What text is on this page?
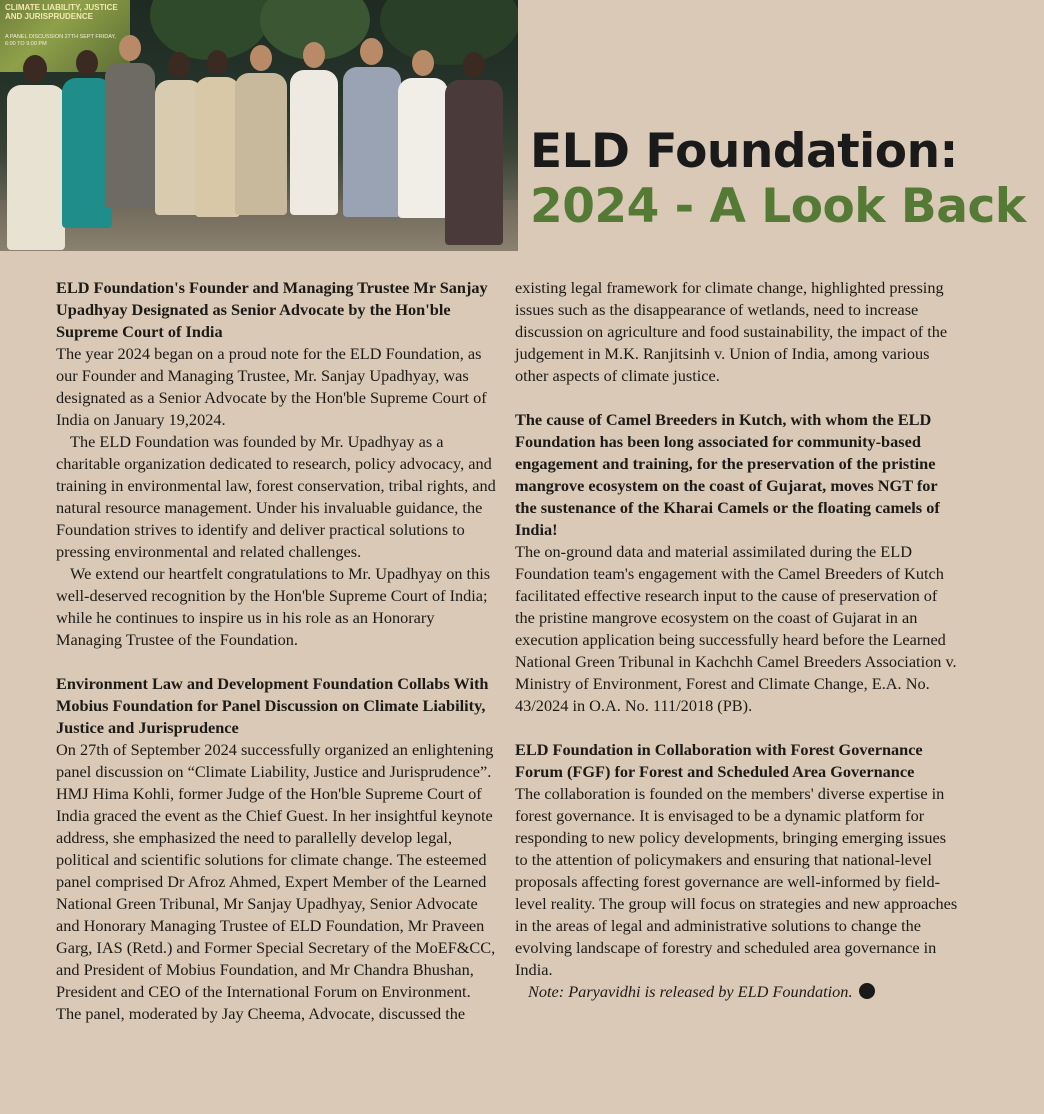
CLIMATE LIABILITY, JUSTICE AND JURISPRUDENCE
A PANEL DISCUSSION 27TH SEPT FRIDAY, 6:00 TO 9:00 PM
ELD Foundation:
2024 - A Look Back

ELD Foundation's Founder and Managing Trustee Mr Sanjay Upadhyay Designated as Senior Advocate by the Hon'ble Supreme Court of India

The year 2024 began on a proud note for the ELD Foundation, as our Founder and Managing Trustee, Mr. Sanjay Upadhyay, was designated as a Senior Advocate by the Hon'ble Supreme Court of India on January 19,2024.

The ELD Foundation was founded by Mr. Upadhyay as a charitable organization dedicated to research, policy advocacy, and training in environmental law, forest conservation, tribal rights, and natural resource management. Under his invaluable guidance, the Foundation strives to identify and deliver practical solutions to pressing environmental and related challenges.

We extend our heartfelt congratulations to Mr. Upadhyay on this well-deserved recognition by the Hon'ble Supreme Court of India; while he continues to inspire us in his role as an Honorary Managing Trustee of the Foundation.

Environment Law and Development Foundation Collabs With Mobius Foundation for Panel Discussion on Climate Liability, Justice and Jurisprudence

On 27th of September 2024 successfully organized an enlightening panel discussion on “Climate Liability, Justice and Jurisprudence”. HMJ Hima Kohli, former Judge of the Hon'ble Supreme Court of India graced the event as the Chief Guest. In her insightful keynote address, she emphasized the need to parallelly develop legal, political and scientific solutions for climate change. The esteemed panel comprised Dr Afroz Ahmed, Expert Member of the Learned National Green Tribunal, Mr Sanjay Upadhyay, Senior Advocate and Honorary Managing Trustee of ELD Foundation, Mr Praveen Garg, IAS (Retd.) and Former Special Secretary of the MoEF&CC, and President of Mobius Foundation, and Mr Chandra Bhushan, President and CEO of the International Forum on Environment. The panel, moderated by Jay Cheema, Advocate, discussed the

existing legal framework for climate change, highlighted pressing issues such as the disappearance of wetlands, need to increase discussion on agriculture and food sustainability, the impact of the judgement in M.K. Ranjitsinh v. Union of India, among various other aspects of climate justice.

The cause of Camel Breeders in Kutch, with whom the ELD Foundation has been long associated for community-based engagement and training, for the preservation of the pristine mangrove ecosystem on the coast of Gujarat, moves NGT for the sustenance of the Kharai Camels or the floating camels of India!

The on-ground data and material assimilated during the ELD Foundation team's engagement with the Camel Breeders of Kutch facilitated effective research input to the cause of preservation of the pristine mangrove ecosystem on the coast of Gujarat in an execution application being successfully heard before the Learned National Green Tribunal in Kachchh Camel Breeders Association v. Ministry of Environment, Forest and Climate Change, E.A. No. 43/2024 in O.A. No. 111/2018 (PB).

ELD Foundation in Collaboration with Forest Governance Forum (FGF) for Forest and Scheduled Area Governance

The collaboration is founded on the members' diverse expertise in forest governance. It is envisaged to be a dynamic platform for responding to new policy developments, bringing emerging issues to the attention of policymakers and ensuring that national-level proposals affecting forest governance are well-informed by field-level reality. The group will focus on strategies and new approaches in the areas of legal and administrative solutions to change the evolving landscape of forestry and scheduled area governance in India.

Note: Paryavidhi is released by ELD Foundation.
